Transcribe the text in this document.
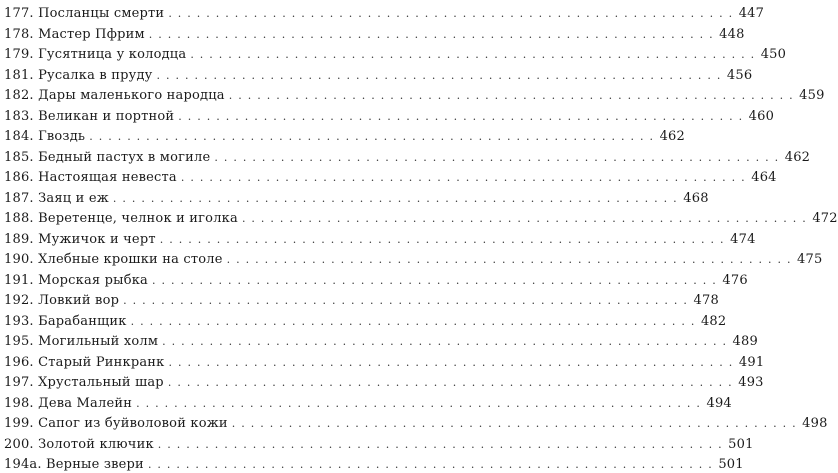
177. Посланцы смерти ............................................................ 447
178. Мастер Пфрим ............................................................ 448
179. Гусятница у колодца ............................................................ 450
181. Русалка в пруду ............................................................ 456
182. Дары маленького народца ............................................................ 459
183. Великан и портной ............................................................ 460
184. Гвоздь ............................................................ 462
185. Бедный пастух в могиле ............................................................ 462
186. Настоящая невеста ............................................................ 464
187. Заяц и еж ............................................................ 468
188. Веретенце, челнок и иголка ............................................................ 472
189. Мужичок и черт ............................................................ 474
190. Хлебные крошки на столе ............................................................ 475
191. Морская рыбка ............................................................ 476
192. Ловкий вор ............................................................ 478
193. Барабанщик ............................................................ 482
195. Могильный холм ............................................................ 489
196. Старый Ринкранк ............................................................ 491
197. Хрустальный шар ............................................................ 493
198. Дева Малейн ............................................................ 494
199. Сапог из буйволовой кожи ............................................................ 498
200. Золотой ключик ............................................................ 501
194а. Верные звери ............................................................ 501
